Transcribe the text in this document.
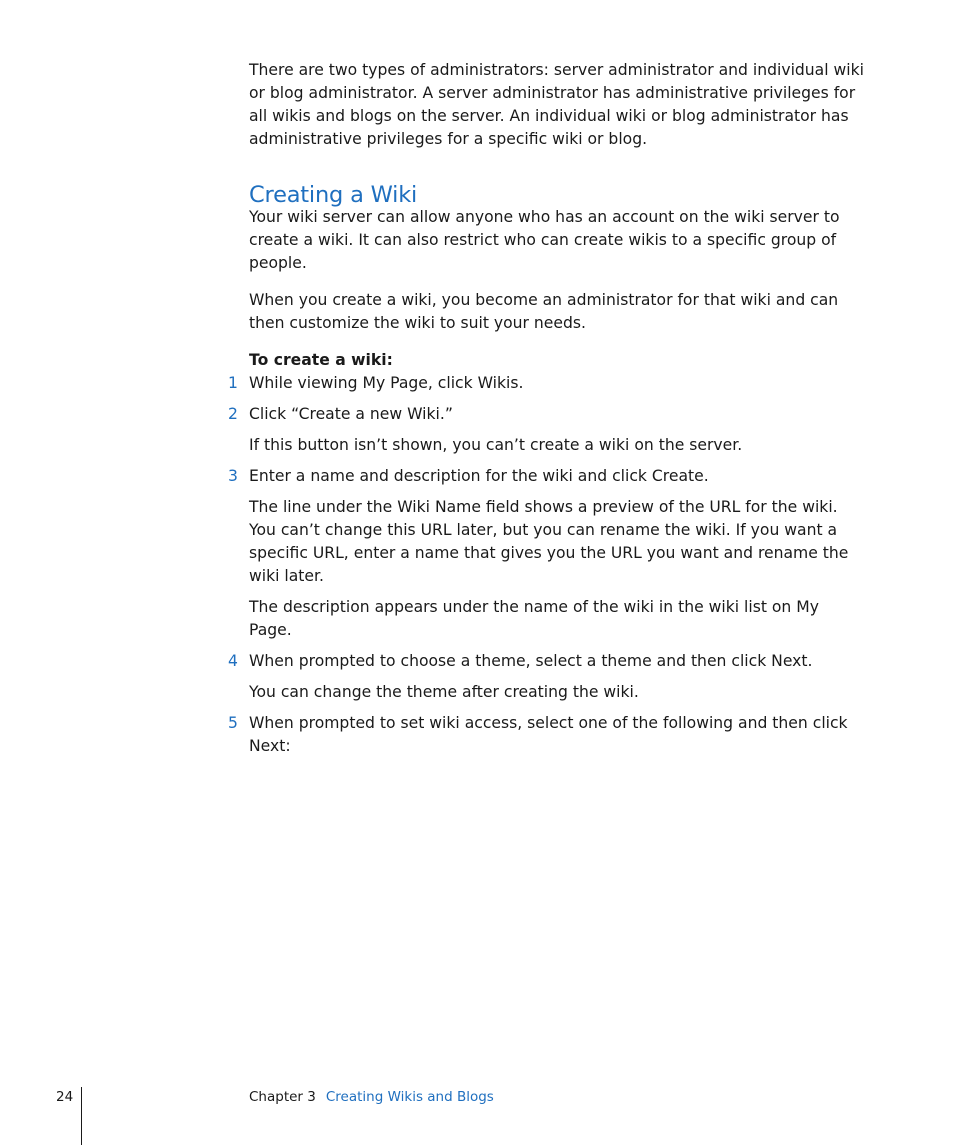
There are two types of administrators: server administrator and individual wiki or blog administrator. A server administrator has administrative privileges for all wikis and blogs on the server. An individual wiki or blog administrator has administrative privileges for a specific wiki or blog.

Creating a Wiki

Your wiki server can allow anyone who has an account on the wiki server to create a wiki. It can also restrict who can create wikis to a specific group of people.

When you create a wiki, you become an administrator for that wiki and can then customize the wiki to suit your needs.

To create a wiki:

1 While viewing My Page, click Wikis.
2 Click “Create a new Wiki.”

If this button isn’t shown, you can’t create a wiki on the server.

3 Enter a name and description for the wiki and click Create.

The line under the Wiki Name field shows a preview of the URL for the wiki. You can’t change this URL later, but you can rename the wiki. If you want a specific URL, enter a name that gives you the URL you want and rename the wiki later.

The description appears under the name of the wiki in the wiki list on My Page.

4 When prompted to choose a theme, select a theme and then click Next.

You can change the theme after creating the wiki.

5 When prompted to set wiki access, select one of the following and then click Next:
24	Chapter 3 Creating Wikis and Blogs
